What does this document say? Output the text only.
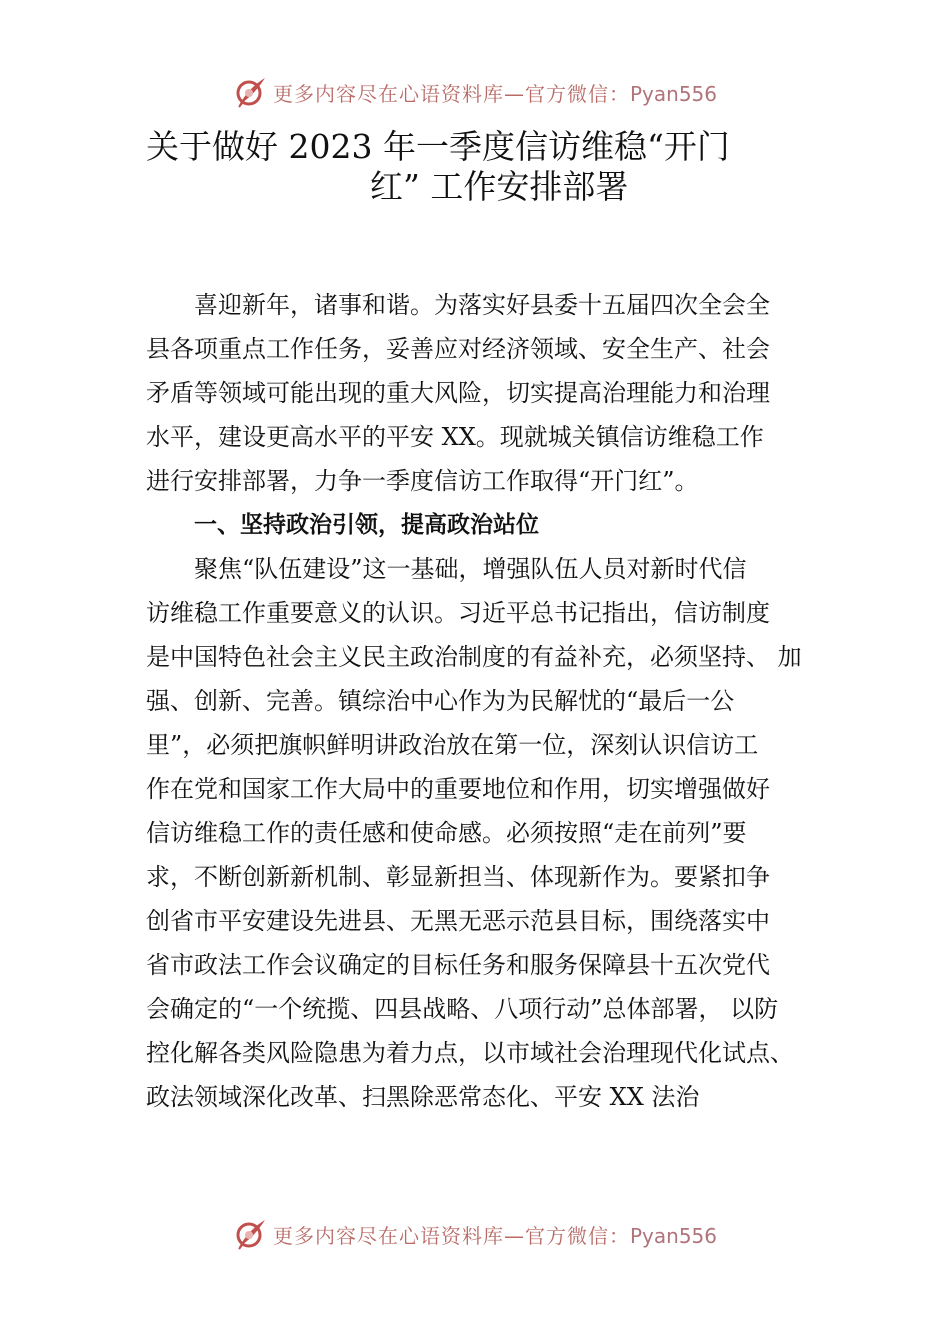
更多内容尽在心语资料库—官方微信：Pyan556
关于做好 2023 年一季度信访维稳“开门
红” 工作安排部署
喜迎新年，诸事和谐。为落实好县委十五届四次全会全
县各项重点工作任务，妥善应对经济领域、安全生产、社会
矛盾等领域可能出现的重大风险，切实提高治理能力和治理
水平，建设更高水平的平安 XX。现就城关镇信访维稳工作
进行安排部署，力争一季度信访工作取得“开门红”。
一、坚持政治引领，提高政治站位
聚焦“队伍建设”这一基础，增强队伍人员对新时代信
访维稳工作重要意义的认识。习近平总书记指出，信访制度
是中国特色社会主义民主政治制度的有益补充，必须坚持、 加
强、创新、完善。镇综治中心作为为民解忧的“最后一公
里”，必须把旗帜鲜明讲政治放在第一位，深刻认识信访工
作在党和国家工作大局中的重要地位和作用，切实增强做好
信访维稳工作的责任感和使命感。必须按照“走在前列”要
求，不断创新新机制、彰显新担当、体现新作为。要紧扣争
创省市平安建设先进县、无黑无恶示范县目标，围绕落实中
省市政法工作会议确定的目标任务和服务保障县十五次党代
会确定的“一个统揽、四县战略、八项行动”总体部署， 以防
控化解各类风险隐患为着力点，以市域社会治理现代化试点、
政法领域深化改革、扫黑除恶常态化、平安 XX 法治
更多内容尽在心语资料库—官方微信：Pyan556
